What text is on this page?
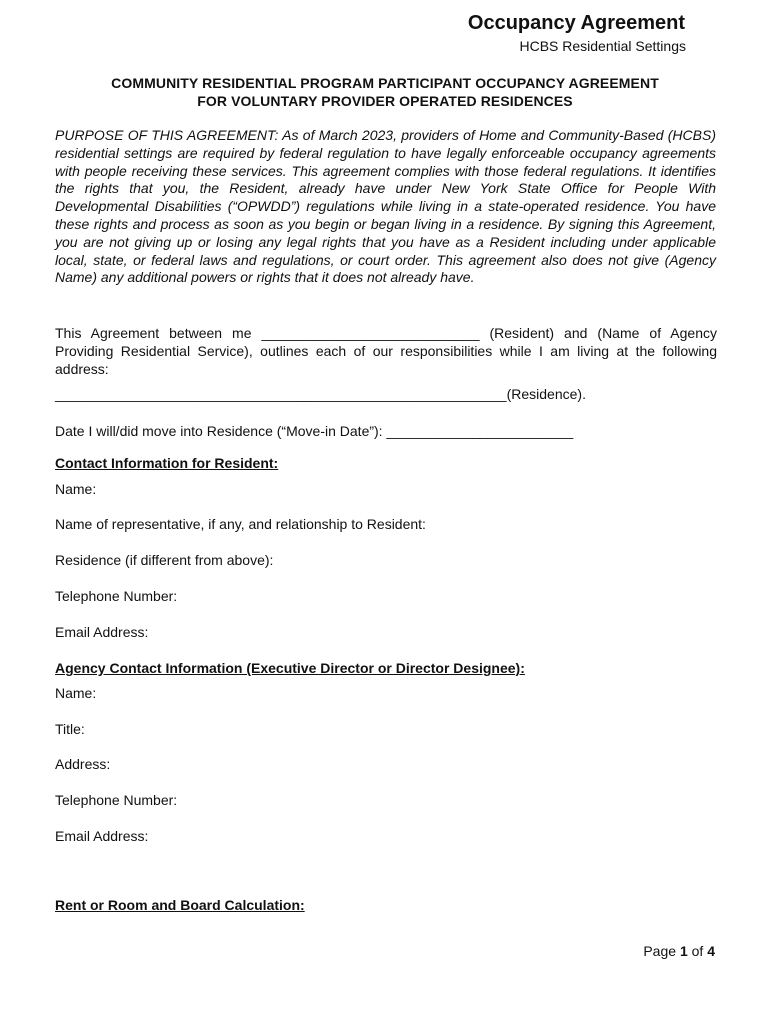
Occupancy Agreement
HCBS Residential Settings
COMMUNITY RESIDENTIAL PROGRAM PARTICIPANT OCCUPANCY AGREEMENT
FOR VOLUNTARY PROVIDER OPERATED RESIDENCES
PURPOSE OF THIS AGREEMENT: As of March 2023, providers of Home and Community-Based (HCBS) residential settings are required by federal regulation to have legally enforceable occupancy agreements with people receiving these services. This agreement complies with those federal regulations. It identifies the rights that you, the Resident, already have under New York State Office for People With Developmental Disabilities (“OPWDD”) regulations while living in a state-operated residence. You have these rights and process as soon as you begin or began living in a residence. By signing this Agreement, you are not giving up or losing any legal rights that you have as a Resident including under applicable local, state, or federal laws and regulations, or court order. This agreement also does not give (Agency Name) any additional powers or rights that it does not already have.
This Agreement between me ____________________________ (Resident) and (Name of Agency Providing Residential Service), outlines each of our responsibilities while I am living at the following address:
__________________________________________________________(Residence).
Date I will/did move into Residence (“Move-in Date”): ________________________
Contact Information for Resident:
Name:
Name of representative, if any, and relationship to Resident:
Residence (if different from above):
Telephone Number:
Email Address:
Agency Contact Information (Executive Director or Director Designee):
Name:
Title:
Address:
Telephone Number:
Email Address:
Rent or Room and Board Calculation:
Page 1 of 4
